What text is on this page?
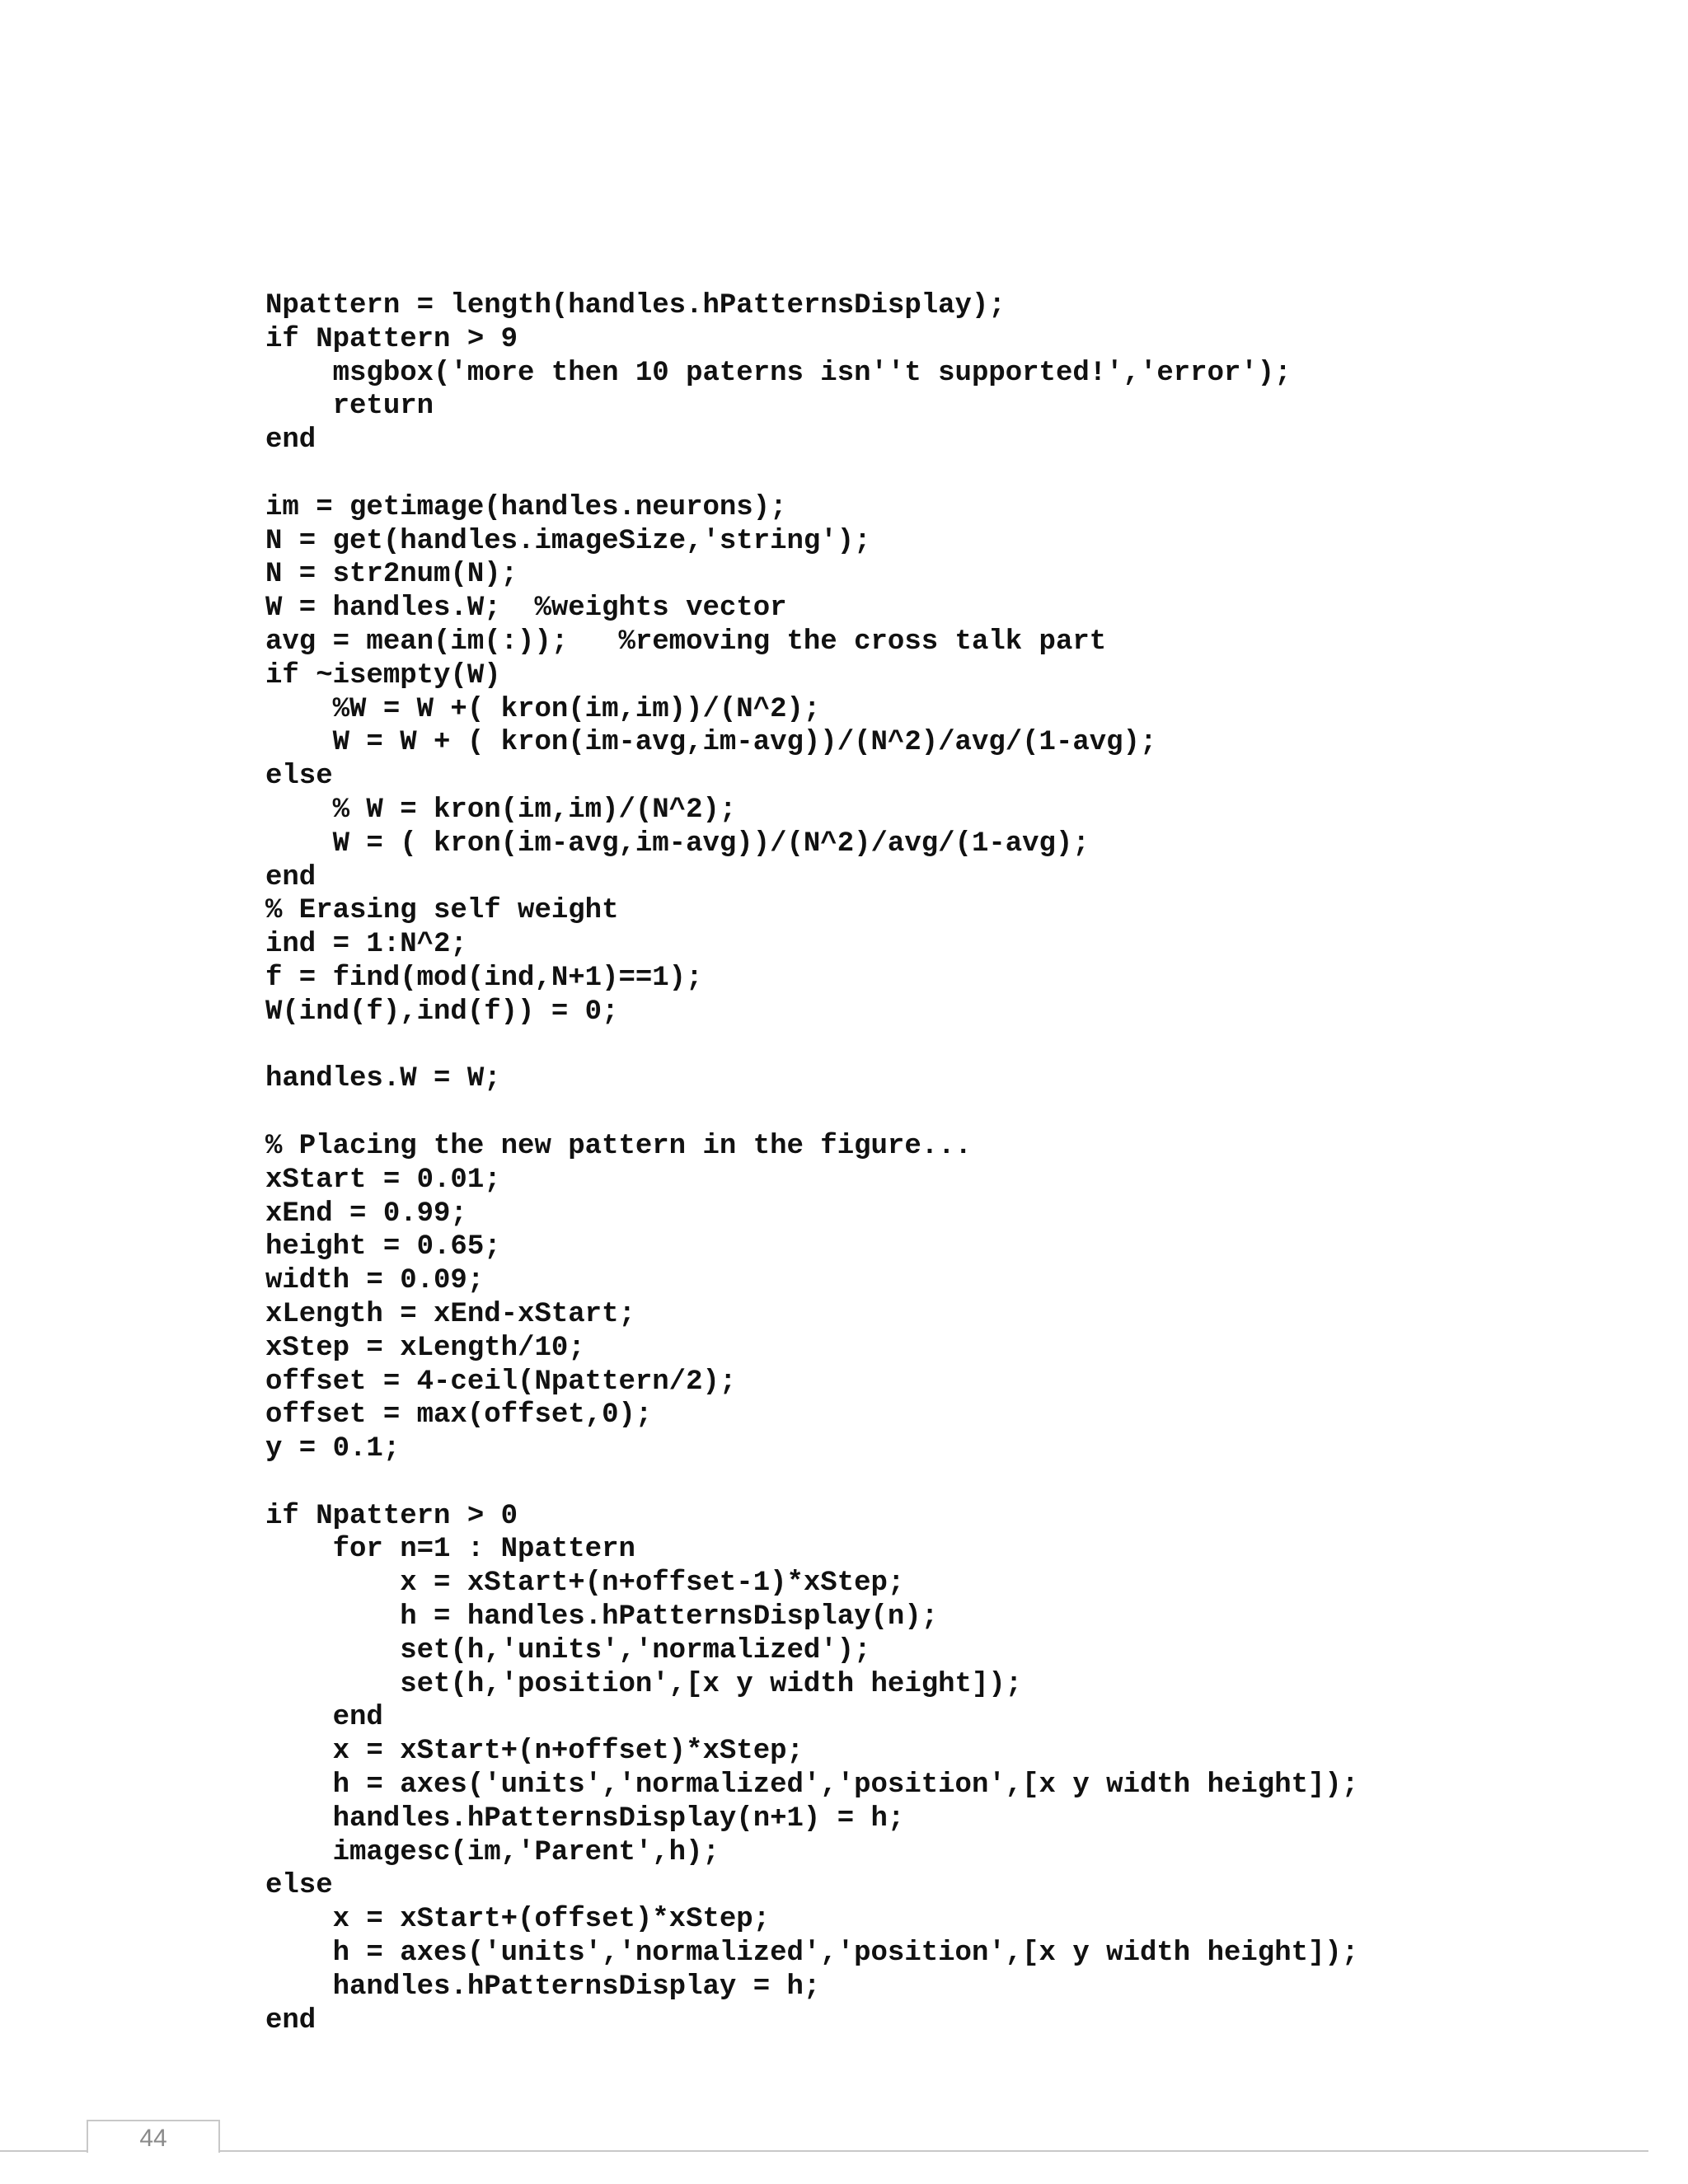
Npattern = length(handles.hPatternsDisplay);
if Npattern > 9
msgbox('more then 10 paterns isn''t supported!','error');
return
end
im = getimage(handles.neurons);
N = get(handles.imageSize,'string');
N = str2num(N);
W = handles.W;  %weights vector
avg = mean(im(:));   %removing the cross talk part
if ~isempty(W)
%W = W +( kron(im,im))/(N^2);
W = W + ( kron(im-avg,im-avg))/(N^2)/avg/(1-avg);
else
% W = kron(im,im)/(N^2);
W = ( kron(im-avg,im-avg))/(N^2)/avg/(1-avg);
end
% Erasing self weight
ind = 1:N^2;
f = find(mod(ind,N+1)==1);
W(ind(f),ind(f)) = 0;
handles.W = W;
% Placing the new pattern in the figure...
xStart = 0.01;
xEnd = 0.99;
height = 0.65;
width = 0.09;
xLength = xEnd-xStart;
xStep = xLength/10;
offset = 4-ceil(Npattern/2);
offset = max(offset,0);
y = 0.1;
if Npattern > 0
for n=1 : Npattern
x = xStart+(n+offset-1)*xStep;
h = handles.hPatternsDisplay(n);
set(h,'units','normalized');
set(h,'position',[x y width height]);
end
x = xStart+(n+offset)*xStep;
h = axes('units','normalized','position',[x y width height]);
handles.hPatternsDisplay(n+1) = h;
imagesc(im,'Parent',h);
else
x = xStart+(offset)*xStep;
h = axes('units','normalized','position',[x y width height]);
handles.hPatternsDisplay = h;
end
44
